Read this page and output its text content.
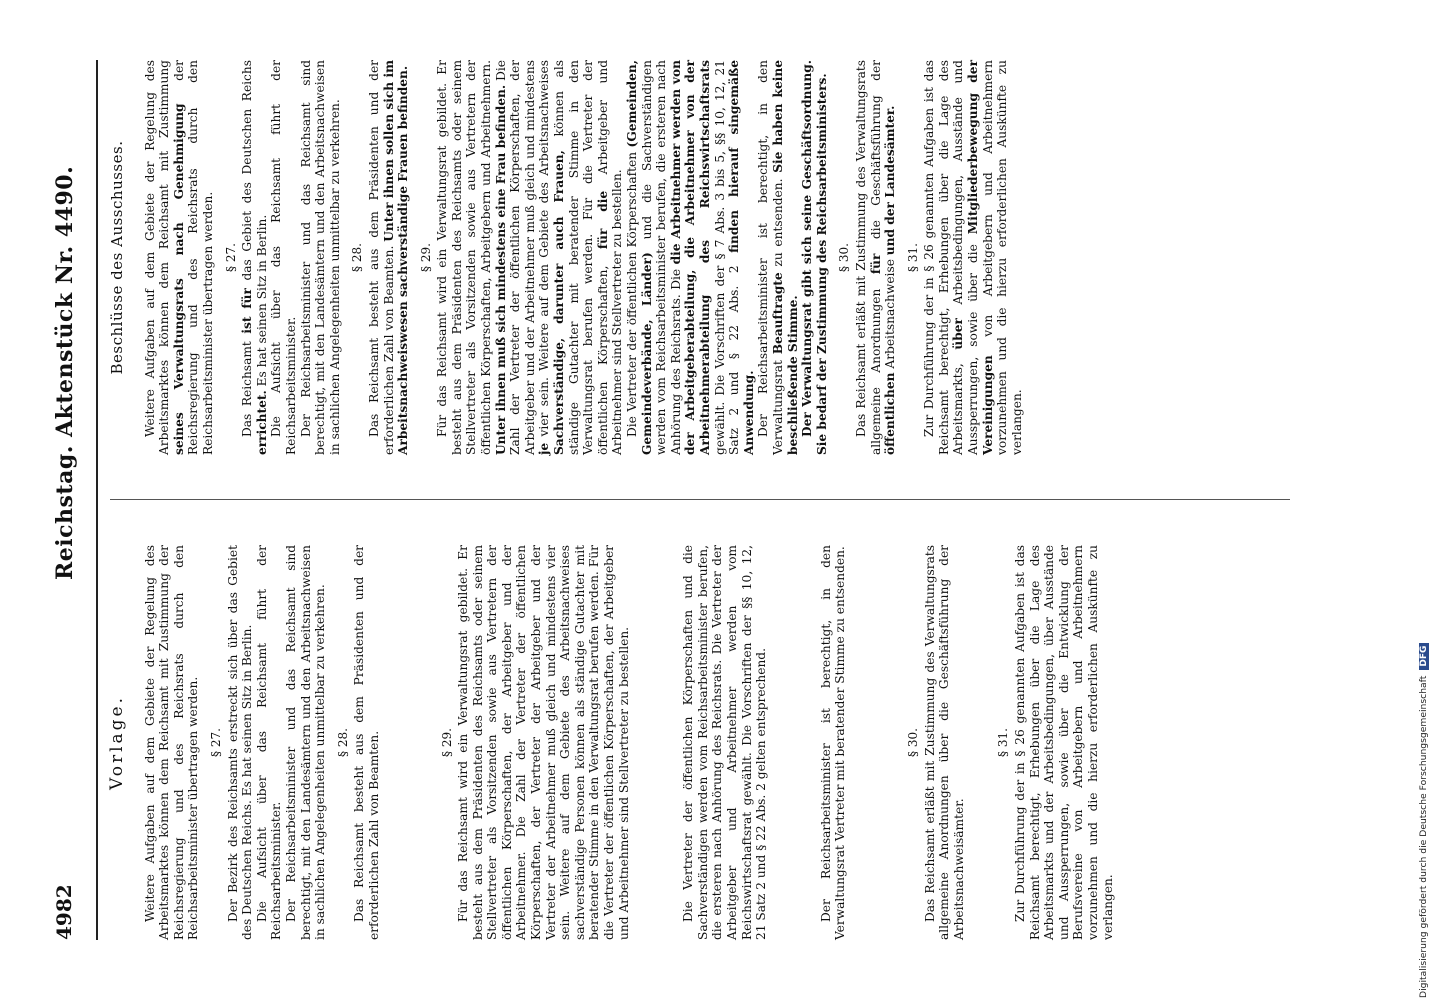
4982
Reichstag. Aktenstück Nr. 4490.
Vorlage. Weitere Aufgaben auf dem Gebiete der Regelung des Arbeitsmarktes können dem Reichsamt mit Zustimmung der Reichsregierung und des Reichsrats durch den Reichsarbeitsminister übertragen werden. § 27. Der Bezirk des Reichsamts erstreckt sich über das Gebiet des Deutschen Reichs. Es hat seinen Sitz in Berlin. Die Aufsicht über das Reichsamt führt der Reichsarbeitsminister. Der Reichsarbeitsminister und das Reichsamt sind berechtigt, mit den Landesämtern und den Arbeitsnachweisen in sachlichen Angelegenheiten unmittelbar zu verkehren. § 28. Das Reichsamt besteht aus dem Präsidenten und der erforderlichen Zahl von Beamten.	§ 29. Für das Reichsamt wird ein Verwaltungsrat gebildet. Er besteht aus dem Präsidenten des Reichsamts oder seinem Stellvertreter als Vorsitzenden sowie aus Vertretern der öffentlichen Körperschaften, der Arbeitgeber und der Arbeitnehmer. Die Zahl der Vertreter der öffentlichen Körperschaften, der Vertreter der Arbeitgeber und der Vertreter der Arbeitnehmer muß gleich und mindestens vier sein. Weitere auf dem Gebiete des Arbeitsnachweises sachverständige Personen können als ständige Gutachter mit beratender Stimme in den Verwaltungsrat berufen werden. Für die Vertreter der öffentlichen Körperschaften, der Arbeitgeber und Arbeitnehmer sind Stellvertreter zu bestellen.	Die Vertreter der öffentlichen Körperschaften und die Sachverständigen werden vom Reichsarbeitsminister berufen, die ersteren nach Anhörung des Reichsrats. Die Vertreter der Arbeitgeber und Arbeitnehmer werden vom Reichswirtschaftsrat gewählt. Die Vorschriften der §§ 10, 12, 21 Satz 2 und § 22 Abs. 2 gelten entsprechend.	Der Reichsarbeitsminister ist berechtigt, in den Verwaltungsrat Vertreter mit beratender Stimme zu entsenden.	§ 30. Das Reichsamt erläßt mit Zustimmung des Verwaltungsrats allgemeine Anordnungen über die Geschäftsführung der Arbeitsnachweisämter.

§ 31. Zur Durchführung der in § 26 genannten Aufgaben ist das Reichsamt berechtigt, Erhebungen über die Lage des Arbeitsmarkts und der Arbeitsbedingungen, über Ausstände und Aussperrungen, sowie über die Entwicklung der Berufsvereine von Arbeitgebern und Arbeitnehmern vorzunehmen und die hierzu erforderlichen Auskünfte zu verlangen.

Beschlüsse des Ausschusses. Weitere Aufgaben auf dem Gebiete der Regelung des Arbeitsmarktes können dem Reichsamt mit Zustimmung seines Verwaltungsrats nach Genehmigung der Reichsregierung und des Reichsrats durch den Reichsarbeitsminister übertragen werden. § 27.

Das Reichsamt ist für das Gebiet des Deutschen Reichs errichtet. Es hat seinen Sitz in Berlin. Die Aufsicht über das Reichsamt führt der Reichsarbeitsminister. Der Reichsarbeitsminister und das Reichsamt sind berechtigt, mit den Landesämtern und den Arbeitsnachweisen in sachlichen Angelegenheiten unmittelbar zu verkehren. § 28. Das Reichsamt besteht aus dem Präsidenten und der erforderlichen Zahl von Beamten. Unter ihnen sollen sich im Arbeitsnachweiswesen sachverständige Frauen befinden. § 29. Für das Reichsamt wird ein Verwaltungsrat gebildet. Er besteht aus dem Präsidenten des Reichsamts oder seinem Stellvertreter als Vorsitzenden sowie aus Vertretern der öffentlichen Körperschaften, Arbeitgebern und Arbeitnehmern. Unter ihnen muß sich mindestens eine Frau befinden. Die Zahl der Vertreter der öffentlichen Körperschaften, der Arbeitgeber und der Arbeitnehmer muß gleich und mindestens je vier sein. Weitere auf dem Gebiete des Arbeitsnachweises Sachverständige, darunter auch Frauen, können als ständige Gutachter mit beratender Stimme in den Verwaltungsrat berufen werden. Für die Vertreter der öffentlichen Körperschaften, für die Arbeitgeber und Arbeitnehmer sind Stellvertreter zu bestellen. Die Vertreter der öffentlichen Körperschaften (Gemeinden, Gemeindeverbände, Länder) und die Sachverständigen werden vom Reichsarbeitsminister berufen, die ersteren nach Anhörung des Reichsrats. Die die Arbeitnehmer werden von der Arbeitgeberabteilung, die Arbeitnehmer von der Arbeitnehmerabteilung des Reichswirtschaftsrats gewählt. Die Vorschriften der § 7 Abs. 3 bis 5, §§ 10, 12, 21 Satz 2 und § 22 Abs. 2 finden hierauf singemäße Anwendung. Der Reichsarbeitsminister ist berechtigt, in den Verwaltungsrat Beauftragte zu entsenden. Sie haben keine beschließende Stimme. Der Verwaltungsrat gibt sich seine Geschäftsordnung. Sie bedarf der Zustimmung des Reichsarbeitsministers. § 30. Das Reichsamt erläßt mit Zustimmung des Verwaltungsrats allgemeine Anordnungen für die Geschäftsführung der öffentlichen Arbeitsnachweise und der Landesämter.

§ 31. Zur Durchführung der in § 26 genannten Aufgaben ist das Reichsamt berechtigt, Erhebungen über die Lage des Arbeitsmarkts, über Arbeitsbedingungen, Ausstände und Aussperrungen, sowie über die Mitgliederbewegung der Vereinigungen von Arbeitgebern und Arbeitnehmern vorzunehmen und die hierzu erforderlichen Auskünfte zu verlangen.

Digitalisierung gefördert durch die Deutsche ForschungsgemeinschaftDFG
